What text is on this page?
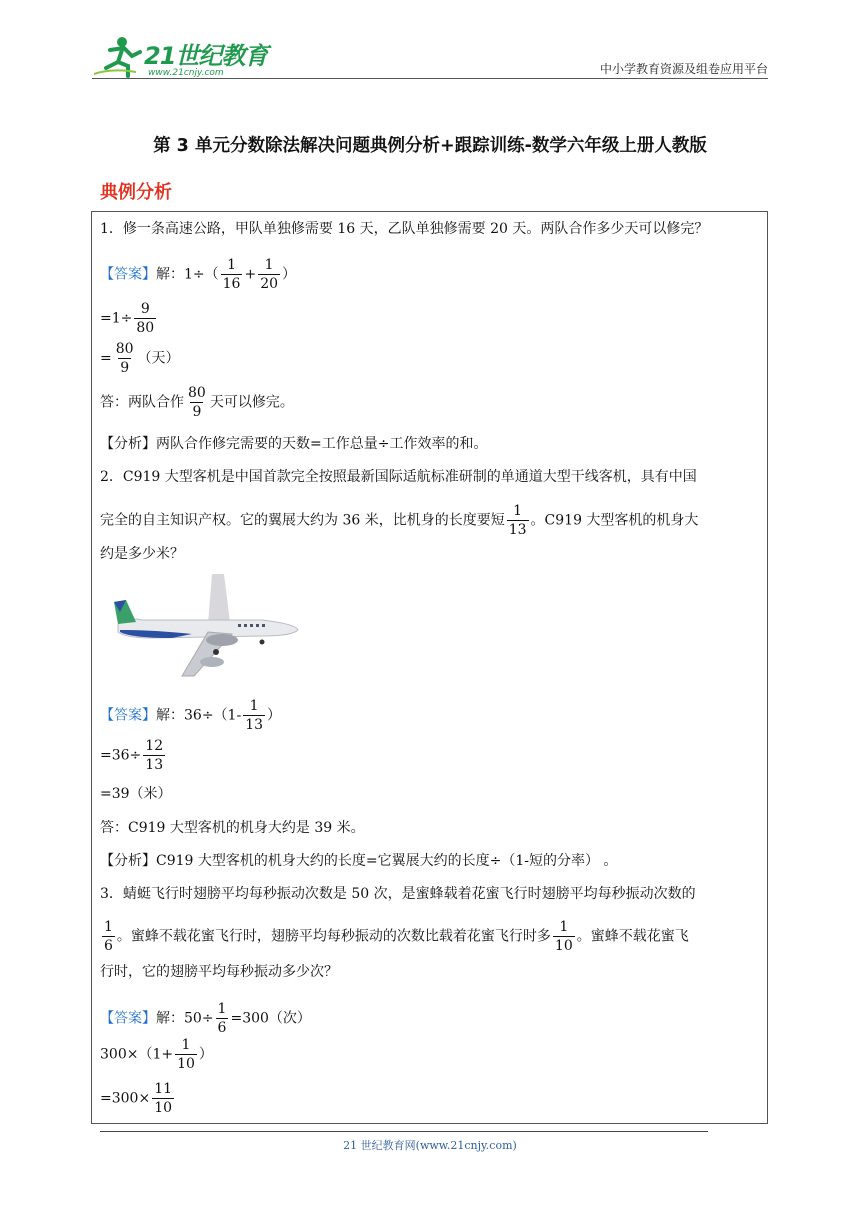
21世纪教育
www.21cnjy.com	中小学教育资源及组卷应用平台
第 3 单元分数除法解决问题典例分析+跟踪训练-数学六年级上册人教版
典例分析
1．修一条高速公路，甲队单独修需要 16 天，乙队单独修需要 20 天。两队合作多少天可以修完？
【答案】解：$1\div( \frac{1}{16} + \frac{1}{20}$ ）
$=1\div \frac{9}{80}$
= $\frac{80}{9}$ （天）
答：两队合作 $\frac{80}{9}$ 天可以修完。
【分析】两队合作修完需要的天数=工作总量÷工作效率的和。
2．C919 大型客机是中国首款完全按照最新国际适航标准研制的单通道大型干线客机，具有中国
完全的自主知识产权。它的翼展大约为 36 米，比机身的长度要短 $\frac{1}{13}$ 。C919 大型客机的机身大
约是多少米？
【答案】解：$36\div(1- \frac{1}{13}$ ）
$=36\div \frac{12}{13}$
=39（米）
答：C919 大型客机的机身大约是 39 米。
【分析】C919 大型客机的机身大约的长度=它翼展大约的长度÷（1-短的分率） 。
3．蜻蜓飞行时翅膀平均每秒振动次数是 50 次，是蜜蜂载着花蜜飞行时翅膀平均每秒振动次数的
$\frac{1}{6}$ 。蜜蜂不载花蜜飞行时，翅膀平均每秒振动的次数比载着花蜜飞行时多 $\frac{1}{10}$ 。蜜蜂不载花蜜飞
行时，它的翅膀平均每秒振动多少次？
【答案】解：$50\div \frac{1}{6} =300$（次）
$300\times(1+ \frac{1}{10}$ ）
$=300\times \frac{11}{10}$
21 世纪教育网(www.21cnjy.com)
